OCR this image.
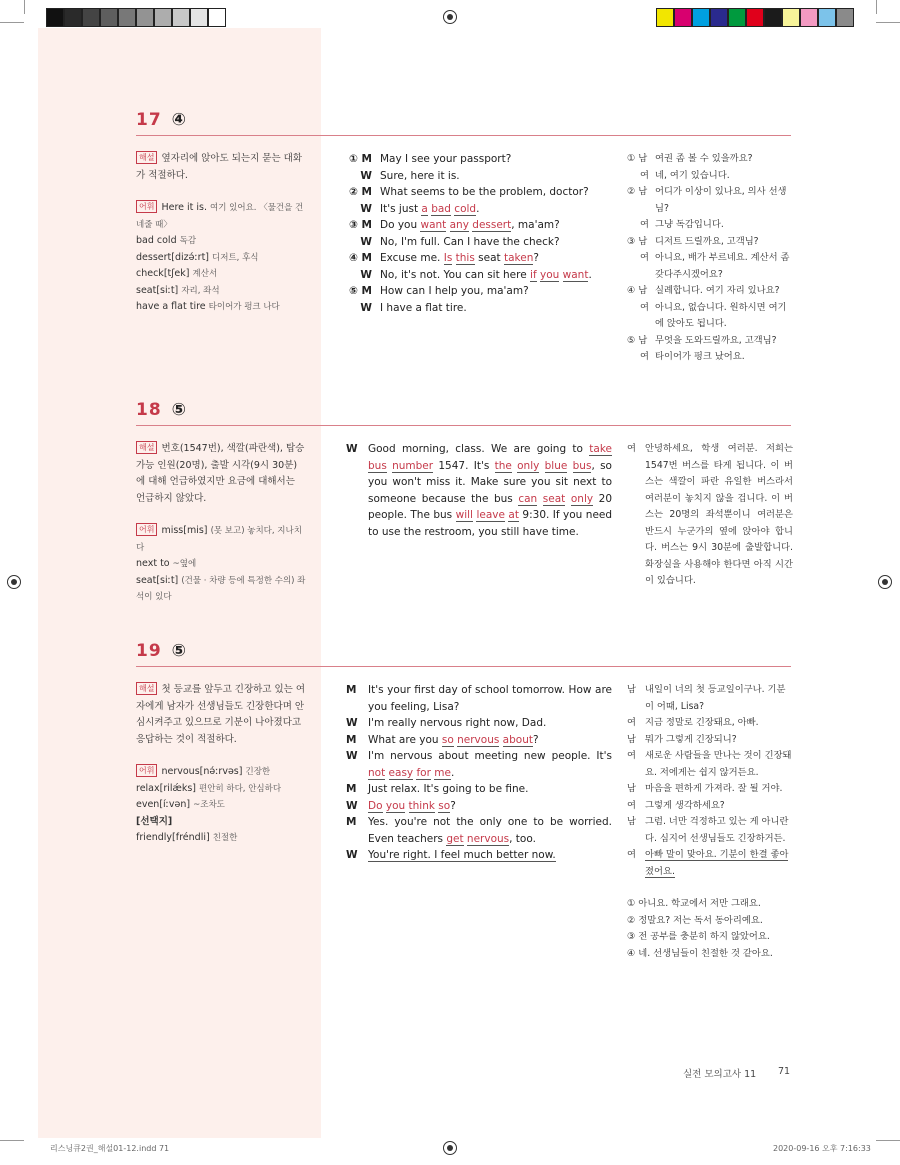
17 ④
해설 옆자리에 앉아도 되는지 묻는 대화가 적절하다.
어휘 Here it is. 여기 있어요. 〈물건을 건네줄 때〉
bad cold 독감
dessert[dizə́ːrt] 디저트, 후식
check[tʃek] 계산서
seat[siːt] 자리, 좌석
have a flat tire 타이어가 펑크 나다
① M May I see your passport?
W Sure, here it is.
② M What seems to be the problem, doctor?
W It's just a bad cold.
③ M Do you want any dessert, ma'am?
W No, I'm full. Can I have the check?
④ M Excuse me. Is this seat taken?
W No, it's not. You can sit here if you want.
⑤ M How can I help you, ma'am?
W I have a flat tire.
① 남 여권 좀 볼 수 있을까요?
여 네, 여기 있습니다.
② 남 어디가 이상이 있나요, 의사 선생님?
여 그냥 독감입니다.
③ 남 디저트 드릴까요, 고객님?
여 아니요, 배가 부르네요. 계산서 좀 갖다주시겠어요?
④ 남 실례합니다. 여기 자리 있나요?
여 아니요, 없습니다. 원하시면 여기에 앉아도 됩니다.
⑤ 남 무엇을 도와드릴까요, 고객님?
여 타이어가 펑크 났어요.
18 ⑤
해설 번호(1547번), 색깔(파란색), 탑승 가능 인원(20명), 출발 시각(9시 30분)에 대해 언급하였지만 요금에 대해서는 언급하지 않았다.
어휘 miss[mis] (못 보고) 놓치다, 지나치다
next to ~옆에
seat[siːt] (건물 · 차량 등에 특정한 수의) 좌석이 있다
W Good morning, class. We are going to take bus number 1547. It's the only blue bus, so you won't miss it. Make sure you sit next to someone because the bus can seat only 20 people. The bus will leave at 9:30. If you need to use the restroom, you still have time.
여 안녕하세요, 학생 여러분. 저희는 1547번 버스를 타게 됩니다. 이 버스는 색깔이 파란 유일한 버스라서 여러분이 놓치지 않을 겁니다. 이 버스는 20명의 좌석뿐이니 여러분은 반드시 누군가의 옆에 앉아야 합니다. 버스는 9시 30분에 출발합니다. 화장실을 사용해야 한다면 아직 시간이 있습니다.
19 ⑤
해설 첫 등교를 앞두고 긴장하고 있는 여자에게 남자가 선생님들도 긴장한다며 안심시켜주고 있으므로 기분이 나아졌다고 응답하는 것이 적절하다.
어휘 nervous[nə́ːrvəs] 긴장한
relax[rilǽks] 편안히 하다, 안심하다
even[íːvən] ~조차도
[선택지]
friendly[fréndli] 친절한
M	It's your first day of school tomorrow. How are you feeling, Lisa?
W I'm really nervous right now, Dad.
M	What are you so nervous about?
W I'm nervous about meeting new people. It's not easy for me.
M	Just relax. It's going to be fine.
W Do you think so?
M	Yes. you're not the only one to be worried. Even teachers get nervous, too.
W You're right. I feel much better now.
남 내일이 너의 첫 등교일이구나. 기분이 어때, Lisa?
여 지금 정말로 긴장돼요, 아빠.
남 뭐가 그렇게 긴장되니?
여 새로운 사람들을 만나는 것이 긴장돼요. 저에게는 쉽지 않거든요.
남 마음을 편하게 가져라. 잘 될 거야.
여 그렇게 생각하세요?
남 그럼. 너만 걱정하고 있는 게 아니란다. 심지어 선생님들도 긴장하거든.
여 아빠 말이 맞아요. 기분이 한결 좋아졌어요.
① 아니요. 학교에서 저만 그래요.
② 정말요? 저는 독서 동아리예요.
③ 전 공부를 충분히 하지 않았어요.
④ 네. 선생님들이 친절한 것 같아요.
실전 모의고사 11 71
리스닝큐2권_해설01-12.indd 71	2020-09-16 오후 7:16:33
